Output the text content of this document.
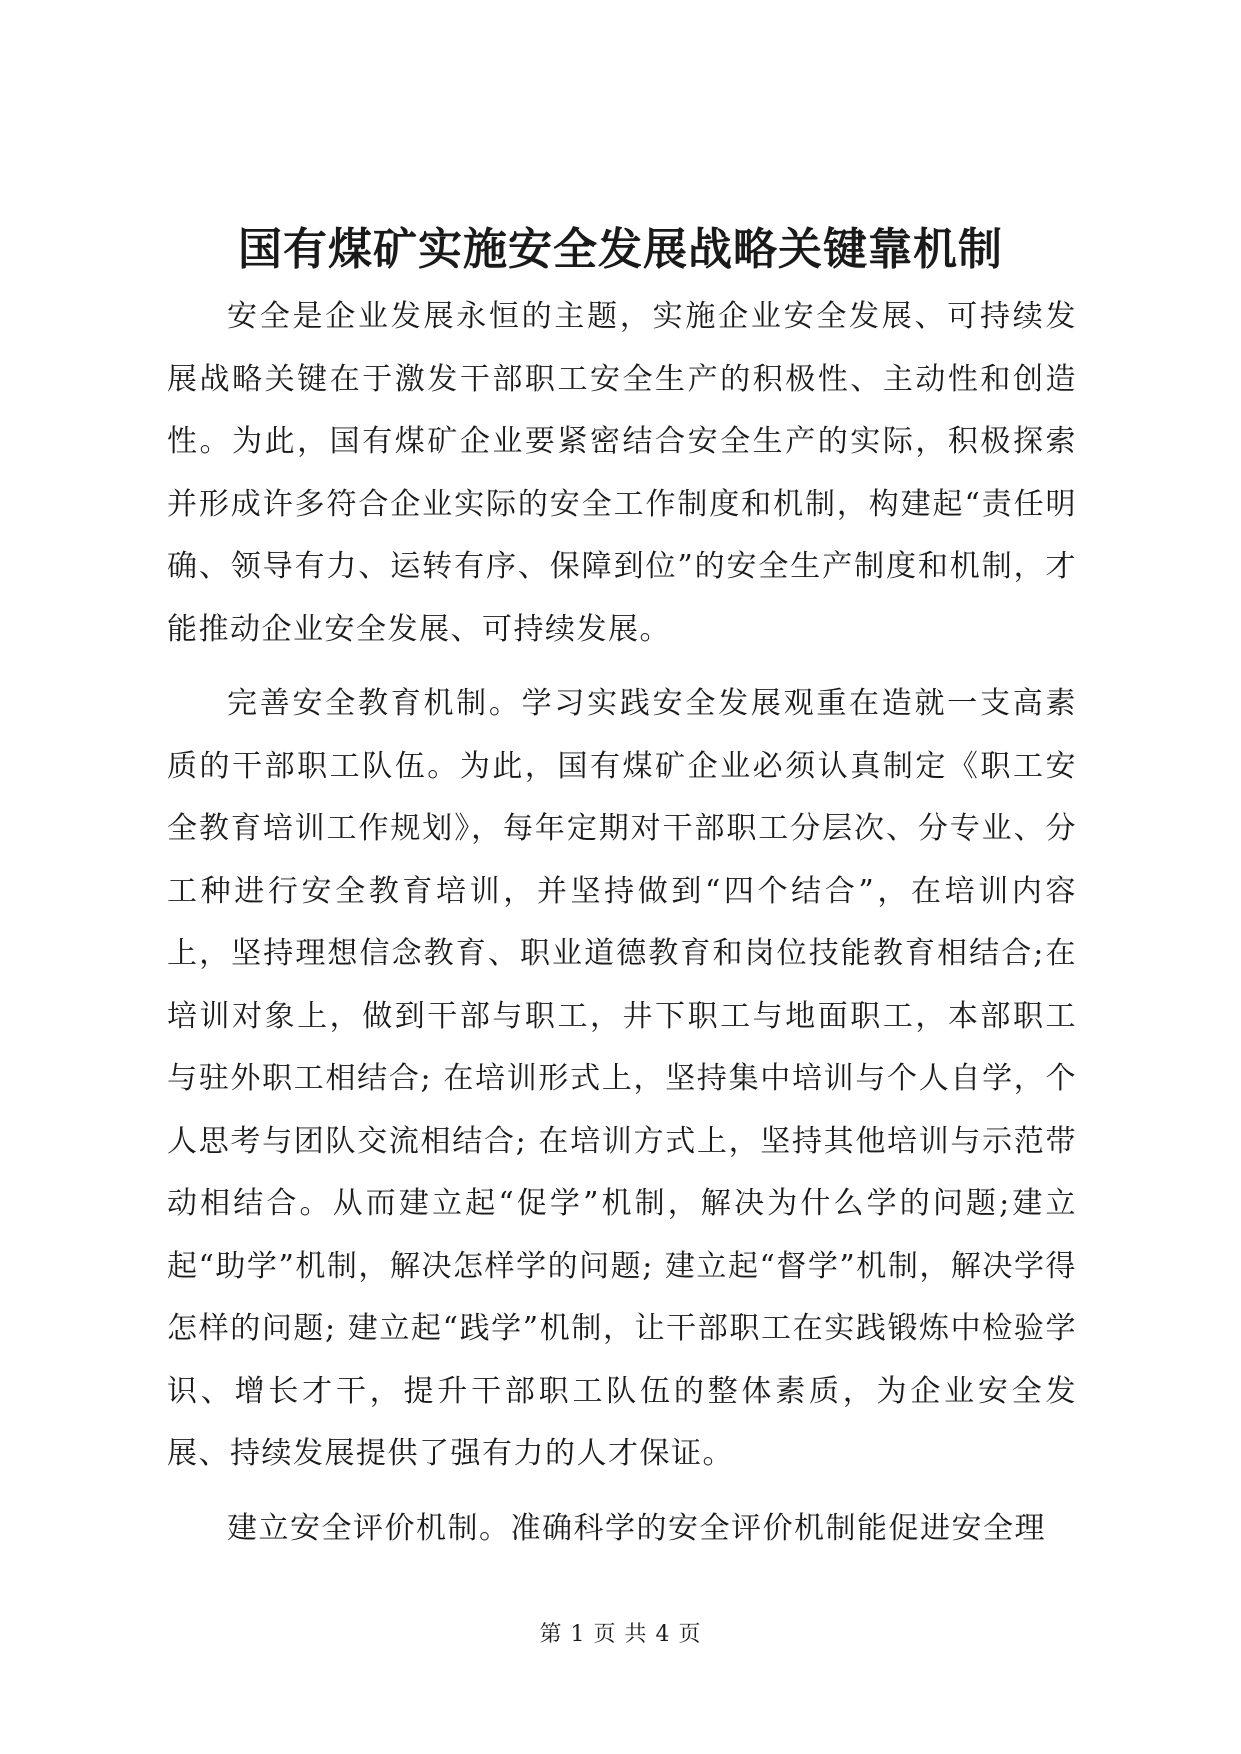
国有煤矿实施安全发展战略关键靠机制

安全是企业发展永恒的主题，实施企业安全发展、可持续发展战略关键在于激发干部职工安全生产的积极性、主动性和创造性。为此，国有煤矿企业要紧密结合安全生产的实际，积极探索并形成许多符合企业实际的安全工作制度和机制，构建起“责任明确、领导有力、运转有序、保障到位”的安全生产制度和机制，才能推动企业安全发展、可持续发展。

完善安全教育机制。学习实践安全发展观重在造就一支高素质的干部职工队伍。为此，国有煤矿企业必须认真制定《职工安全教育培训工作规划》，每年定期对干部职工分层次、分专业、分工种进行安全教育培训，并坚持做到“四个结合”，在培训内容上，坚持理想信念教育、职业道德教育和岗位技能教育相结合;在培训对象上，做到干部与职工，井下职工与地面职工，本部职工与驻外职工相结合; 在培训形式上，坚持集中培训与个人自学，个人思考与团队交流相结合; 在培训方式上，坚持其他培训与示范带动相结合。从而建立起“促学”机制，解决为什么学的问题;建立起“助学”机制，解决怎样学的问题; 建立起“督学”机制，解决学得怎样的问题; 建立起“践学”机制，让干部职工在实践锻炼中检验学识、增长才干，提升干部职工队伍的整体素质，为企业安全发展、持续发展提供了强有力的人才保证。

建立安全评价机制。准确科学的安全评价机制能促进安全理

第 1 页 共 4 页
